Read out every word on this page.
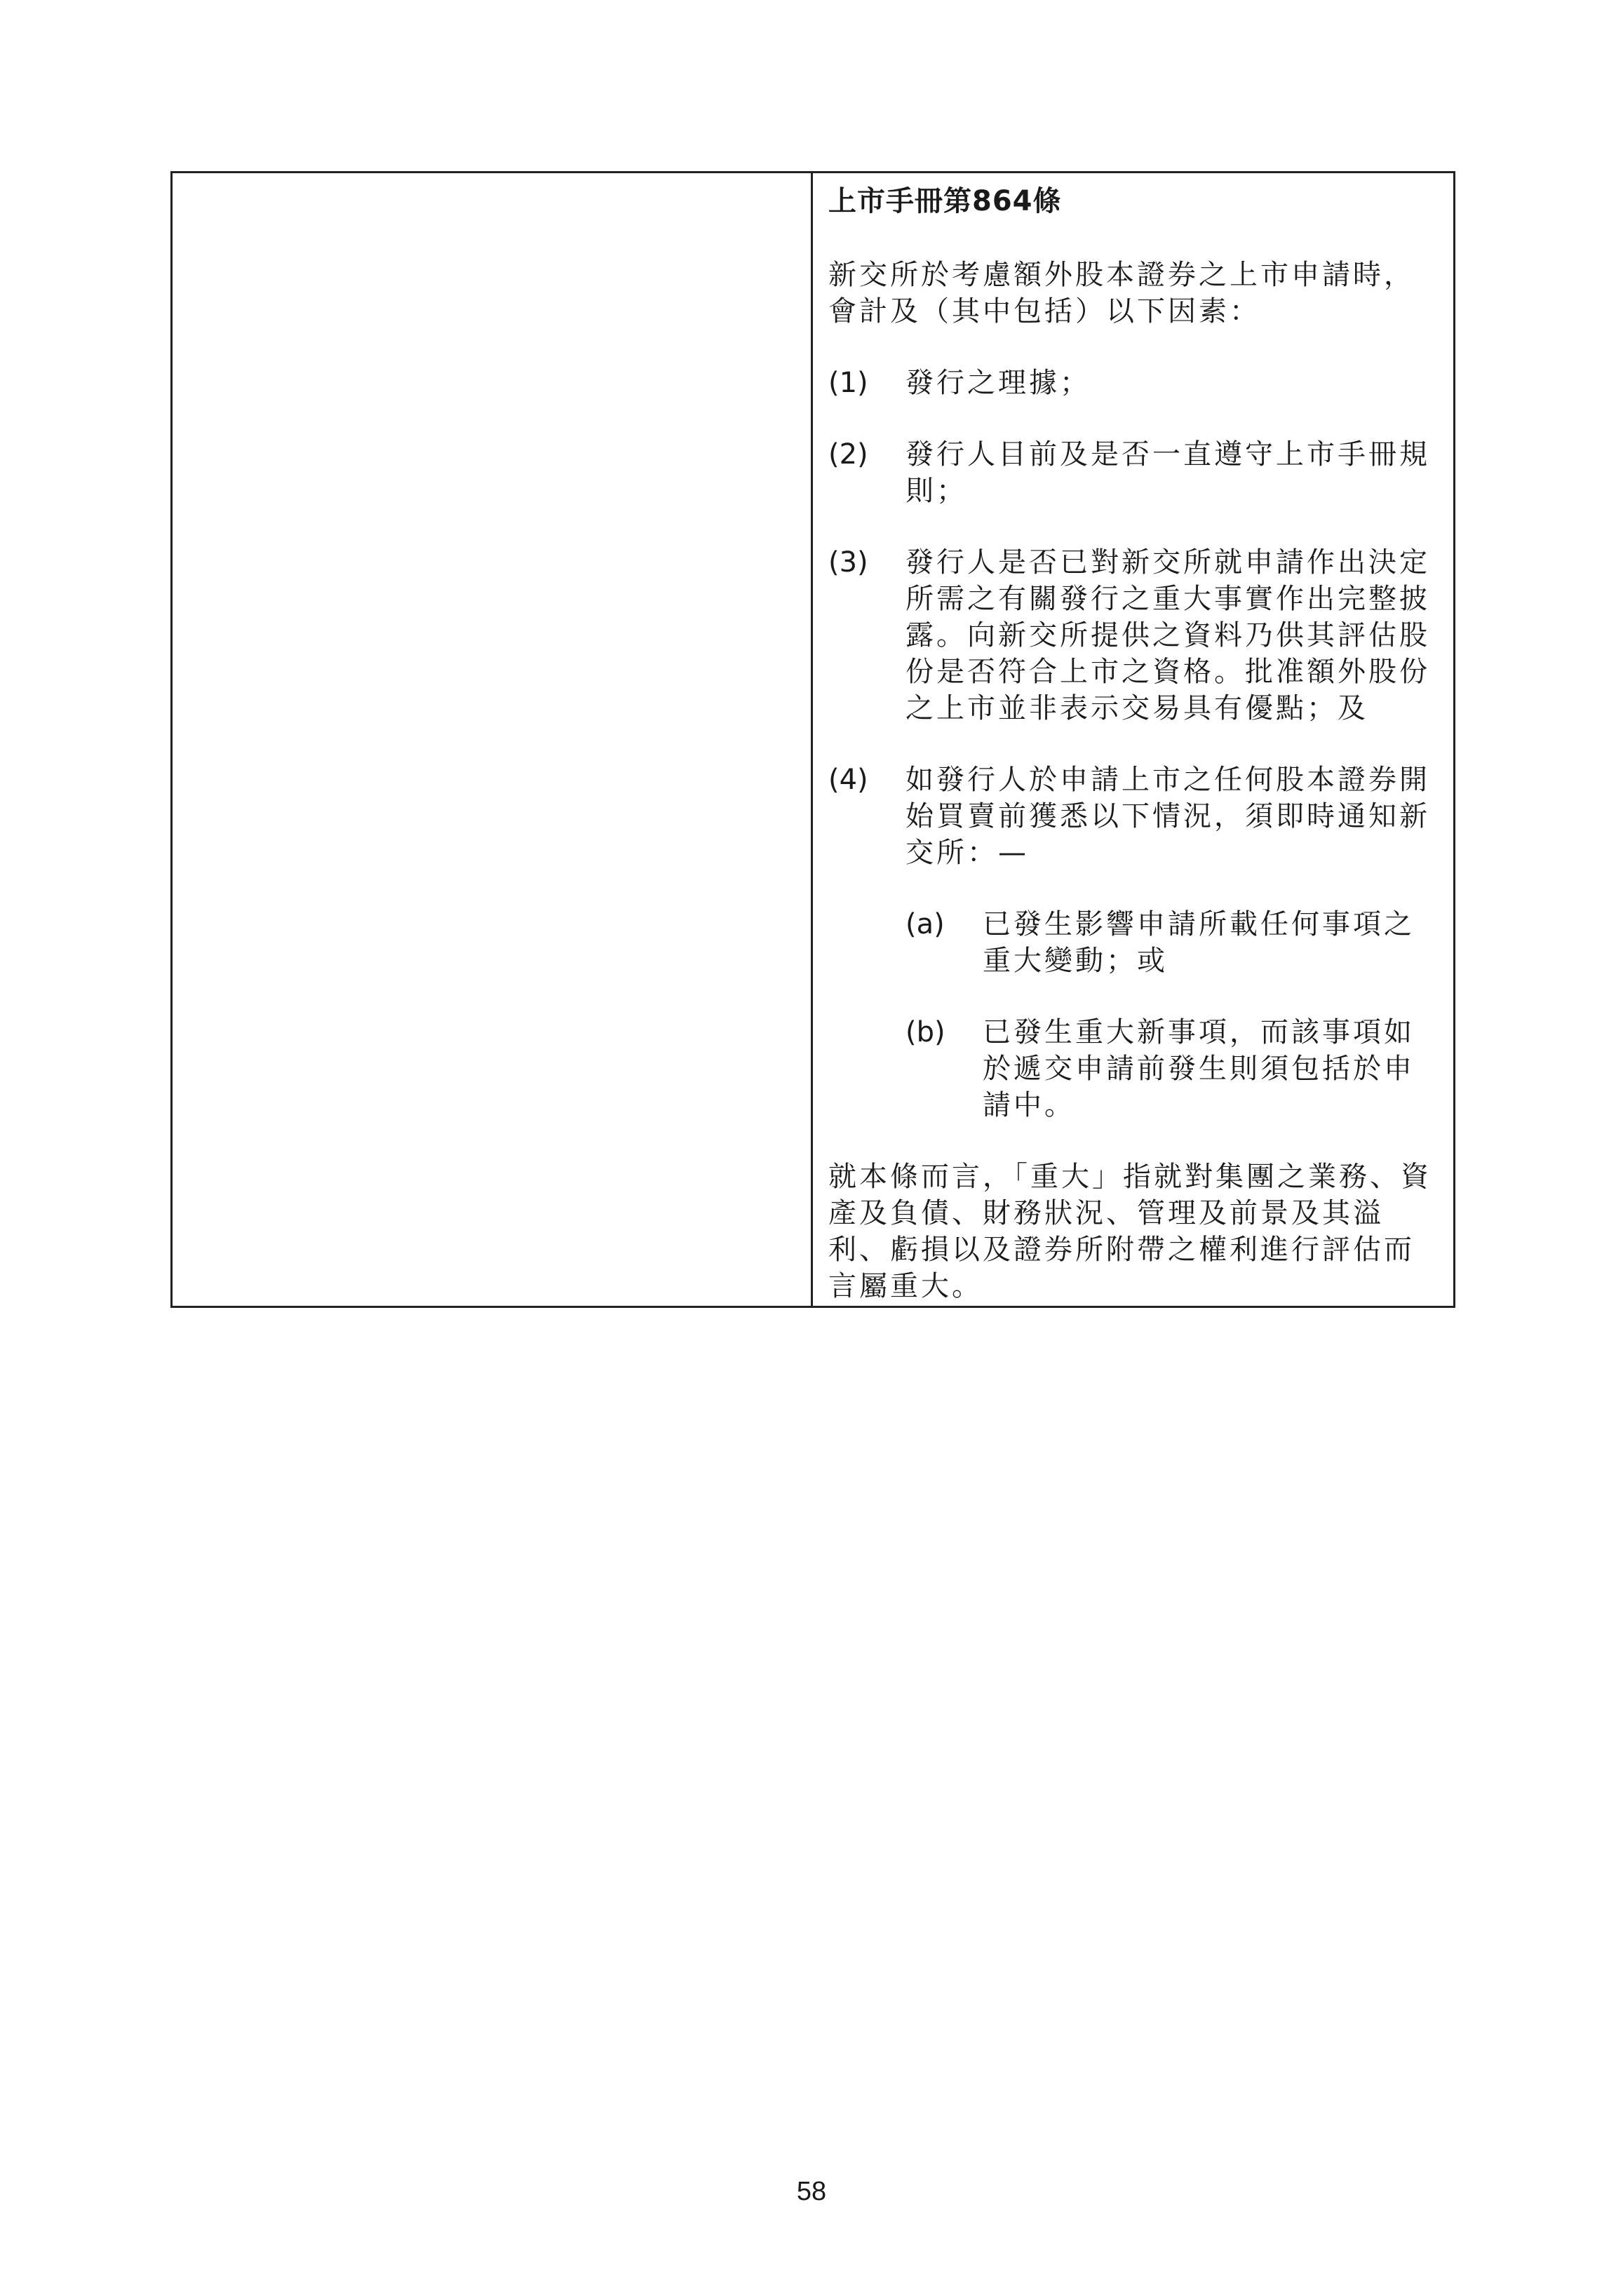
上市手冊第864條
新交所於考慮額外股本證券之上市申請時，會計及（其中包括）以下因素：
(1)	發行之理據；
(2)	發行人目前及是否一直遵守上市手冊規則；
(3)	發行人是否已對新交所就申請作出決定所需之有關發行之重大事實作出完整披露。向新交所提供之資料乃供其評估股份是否符合上市之資格。批准額外股份之上市並非表示交易具有優點；及
(4)	如發行人於申請上市之任何股本證券開始買賣前獲悉以下情況，須即時通知新交所：—
(a)	已發生影響申請所載任何事項之重大變動；或
(b)	已發生重大新事項，而該事項如於遞交申請前發生則須包括於申請中。
就本條而言，「重大」指就對集團之業務、資產及負債、財務狀況、管理及前景及其溢利、虧損以及證券所附帶之權利進行評估而言屬重大。
58
